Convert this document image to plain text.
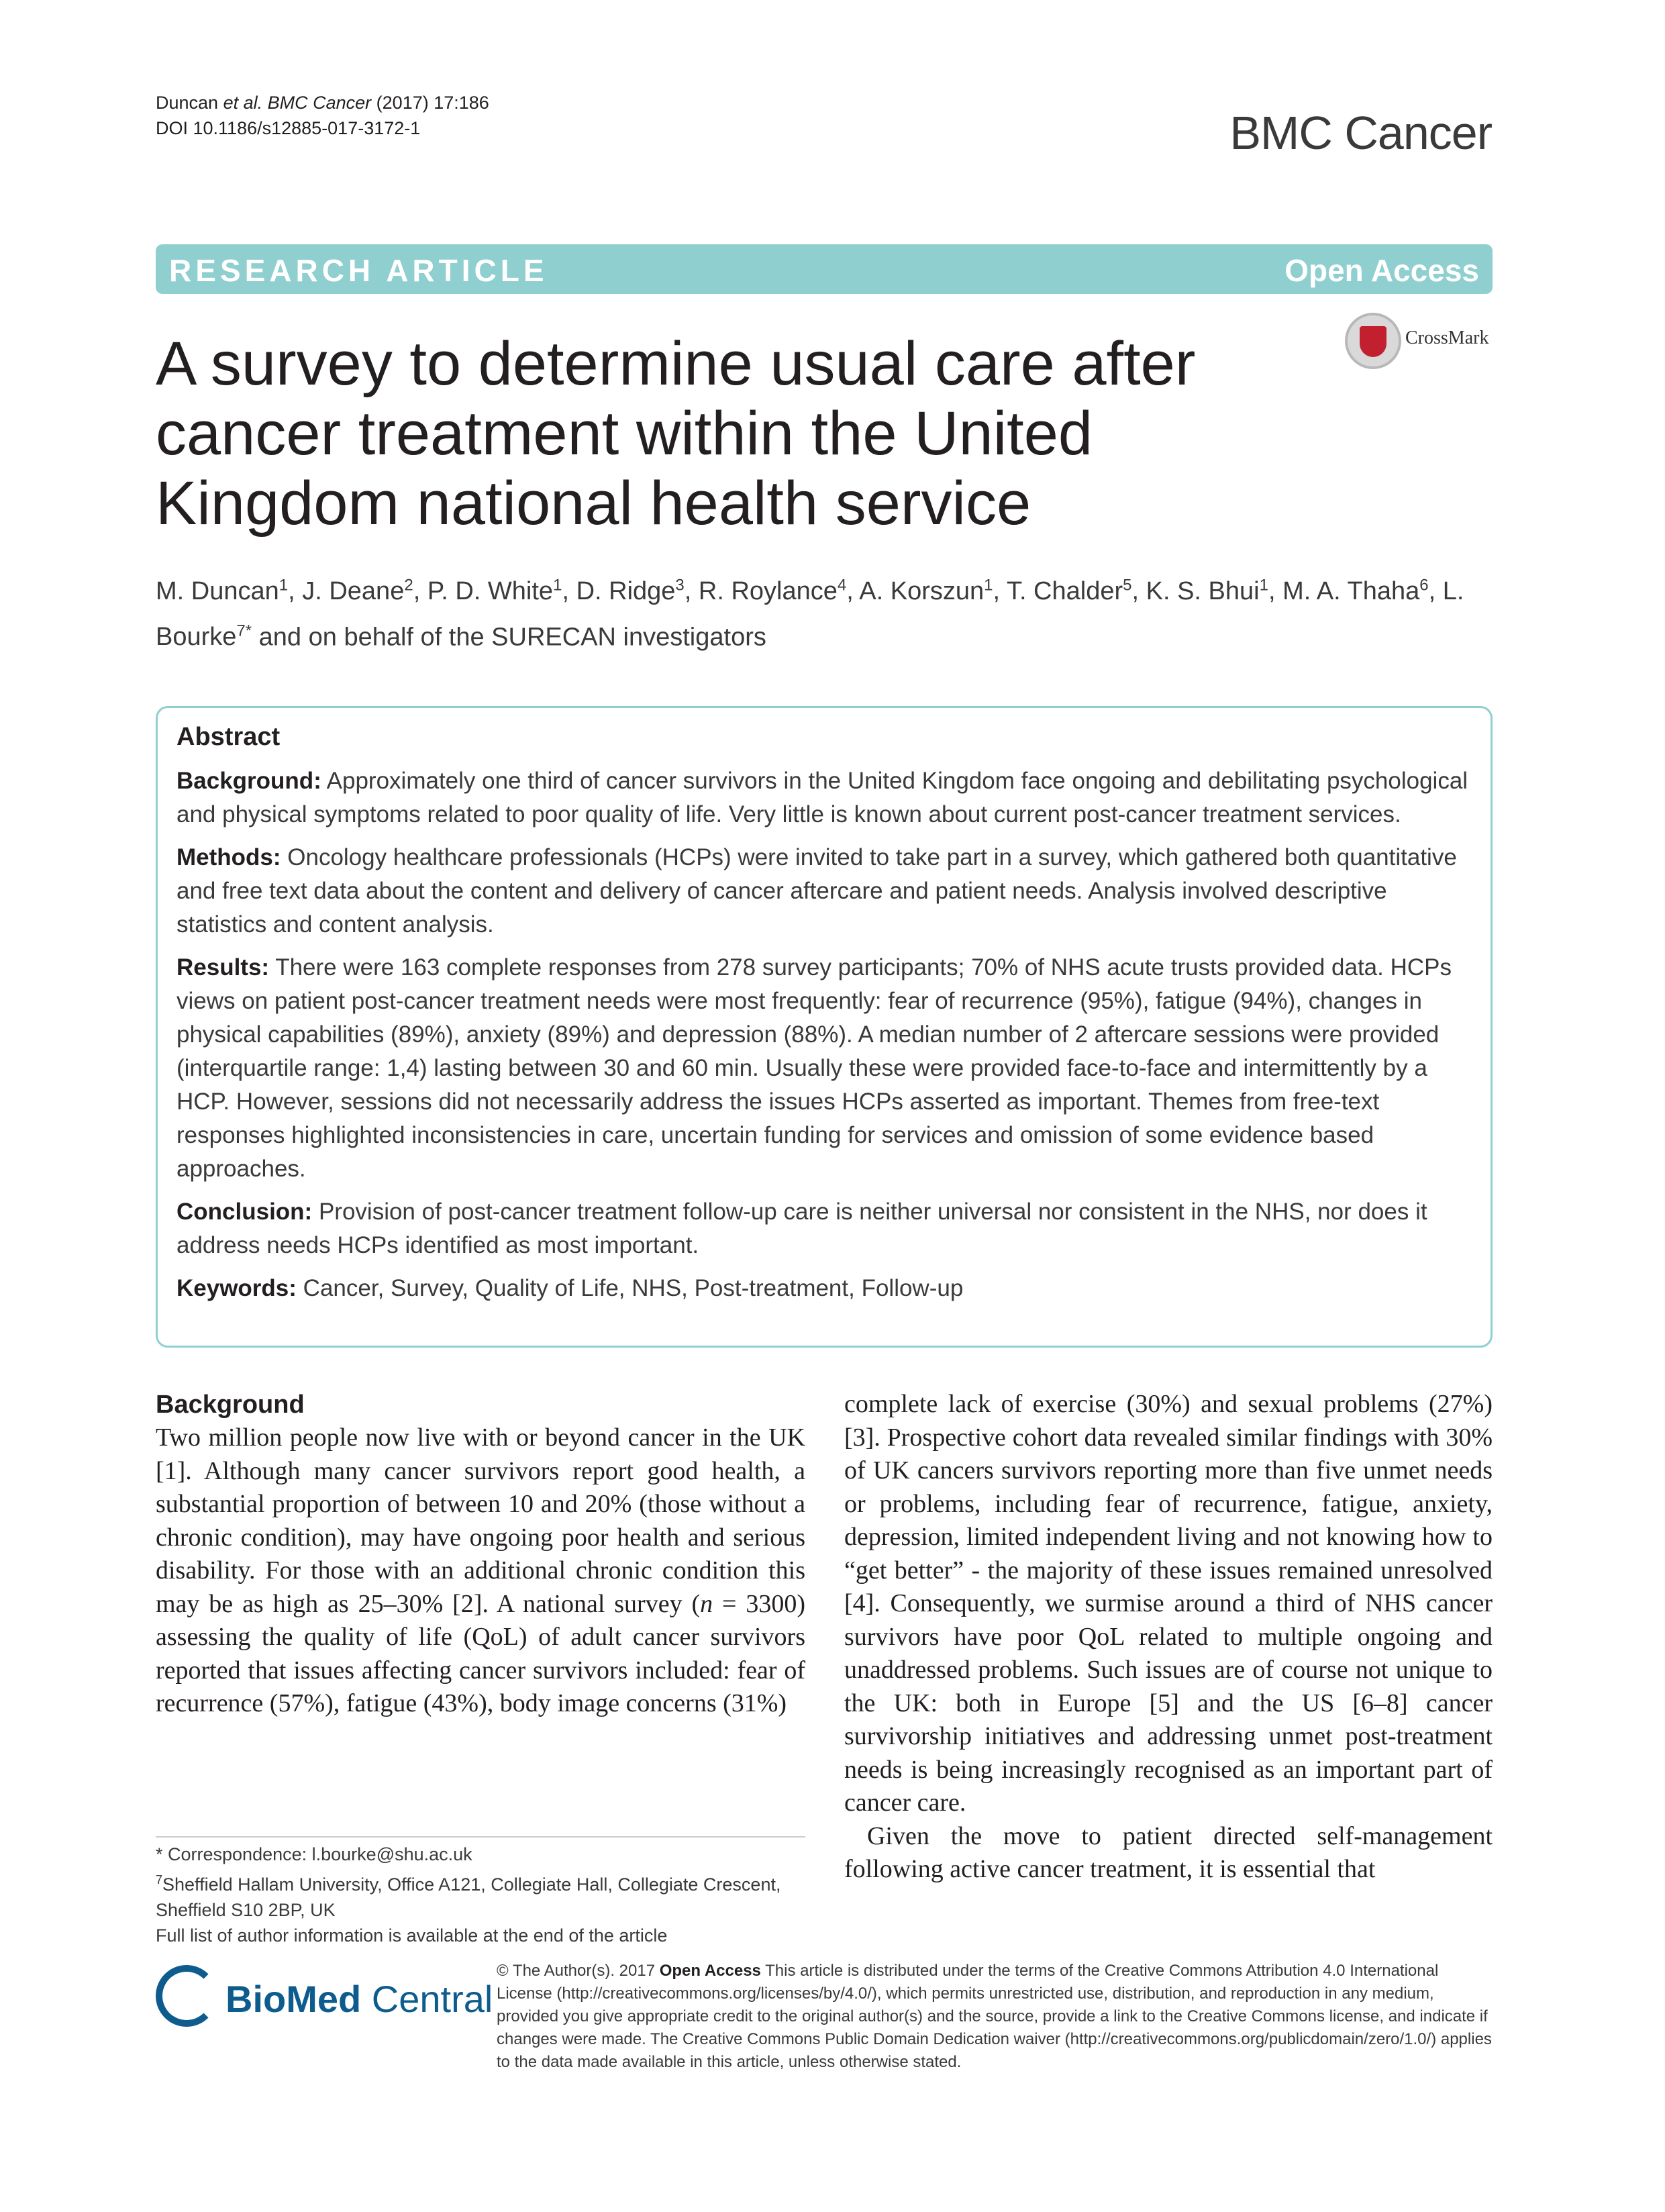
Duncan et al. BMC Cancer (2017) 17:186
DOI 10.1186/s12885-017-3172-1	BMC Cancer
RESEARCH ARTICLE	Open Access
CrossMark
A survey to determine usual care after cancer treatment within the United Kingdom national health service
M. Duncan$^1$, J. Deane$^2$, P. D. White$^1$, D. Ridge$^3$, R. Roylance$^4$, A. Korszun$^1$, T. Chalder$^5$, K. S. Bhui$^1$, M. A. Thaha$^6$, L. Bourke$^{7*}$ and on behalf of the SURECAN investigators
Abstract

Background: Approximately one third of cancer survivors in the United Kingdom face ongoing and debilitating psychological and physical symptoms related to poor quality of life. Very little is known about current post-cancer treatment services.

Methods: Oncology healthcare professionals (HCPs) were invited to take part in a survey, which gathered both quantitative and free text data about the content and delivery of cancer aftercare and patient needs. Analysis involved descriptive statistics and content analysis.

Results: There were 163 complete responses from 278 survey participants; 70% of NHS acute trusts provided data. HCPs views on patient post-cancer treatment needs were most frequently: fear of recurrence (95%), fatigue (94%), changes in physical capabilities (89%), anxiety (89%) and depression (88%). A median number of 2 aftercare sessions were provided (interquartile range: 1,4) lasting between 30 and 60 min. Usually these were provided face-to-face and intermittently by a HCP. However, sessions did not necessarily address the issues HCPs asserted as important. Themes from free-text responses highlighted inconsistencies in care, uncertain funding for services and omission of some evidence based approaches.

Conclusion: Provision of post-cancer treatment follow-up care is neither universal nor consistent in the NHS, nor does it address needs HCPs identified as most important.

Keywords: Cancer, Survey, Quality of Life, NHS, Post-treatment, Follow-up

Background

Two million people now live with or beyond cancer in the UK [1]. Although many cancer survivors report good health, a substantial proportion of between 10 and 20% (those without a chronic condition), may have ongoing poor health and serious disability. For those with an additional chronic condition this may be as high as 25–30% [2]. A national survey (n = 3300) assessing the quality of life (QoL) of adult cancer survivors reported that issues affecting cancer survivors included: fear of recurrence (57%), fatigue (43%), body image concerns (31%)

complete lack of exercise (30%) and sexual problems (27%) [3]. Prospective cohort data revealed similar findings with 30% of UK cancers survivors reporting more than five unmet needs or problems, including fear of recurrence, fatigue, anxiety, depression, limited independent living and not knowing how to “get better” - the majority of these issues remained unresolved [4]. Consequently, we surmise around a third of NHS cancer survivors have poor QoL related to multiple ongoing and unaddressed problems. Such issues are of course not unique to the UK: both in Europe [5] and the US [6–8] cancer survivorship initiatives and addressing unmet post-treatment needs is being increasingly recognised as an important part of cancer care.

Given the move to patient directed self-management following active cancer treatment, it is essential that

* Correspondence: l.bourke@shu.ac.uk
$^7$Sheffield Hallam University, Office A121, Collegiate Hall, Collegiate Crescent, Sheffield S10 2BP, UK
Full list of author information is available at the end of the article
BioMed Central
© The Author(s). 2017 Open Access This article is distributed under the terms of the Creative Commons Attribution 4.0 International License (http://creativecommons.org/licenses/by/4.0/), which permits unrestricted use, distribution, and reproduction in any medium, provided you give appropriate credit to the original author(s) and the source, provide a link to the Creative Commons license, and indicate if changes were made. The Creative Commons Public Domain Dedication waiver (http://creativecommons.org/publicdomain/zero/1.0/) applies to the data made available in this article, unless otherwise stated.
